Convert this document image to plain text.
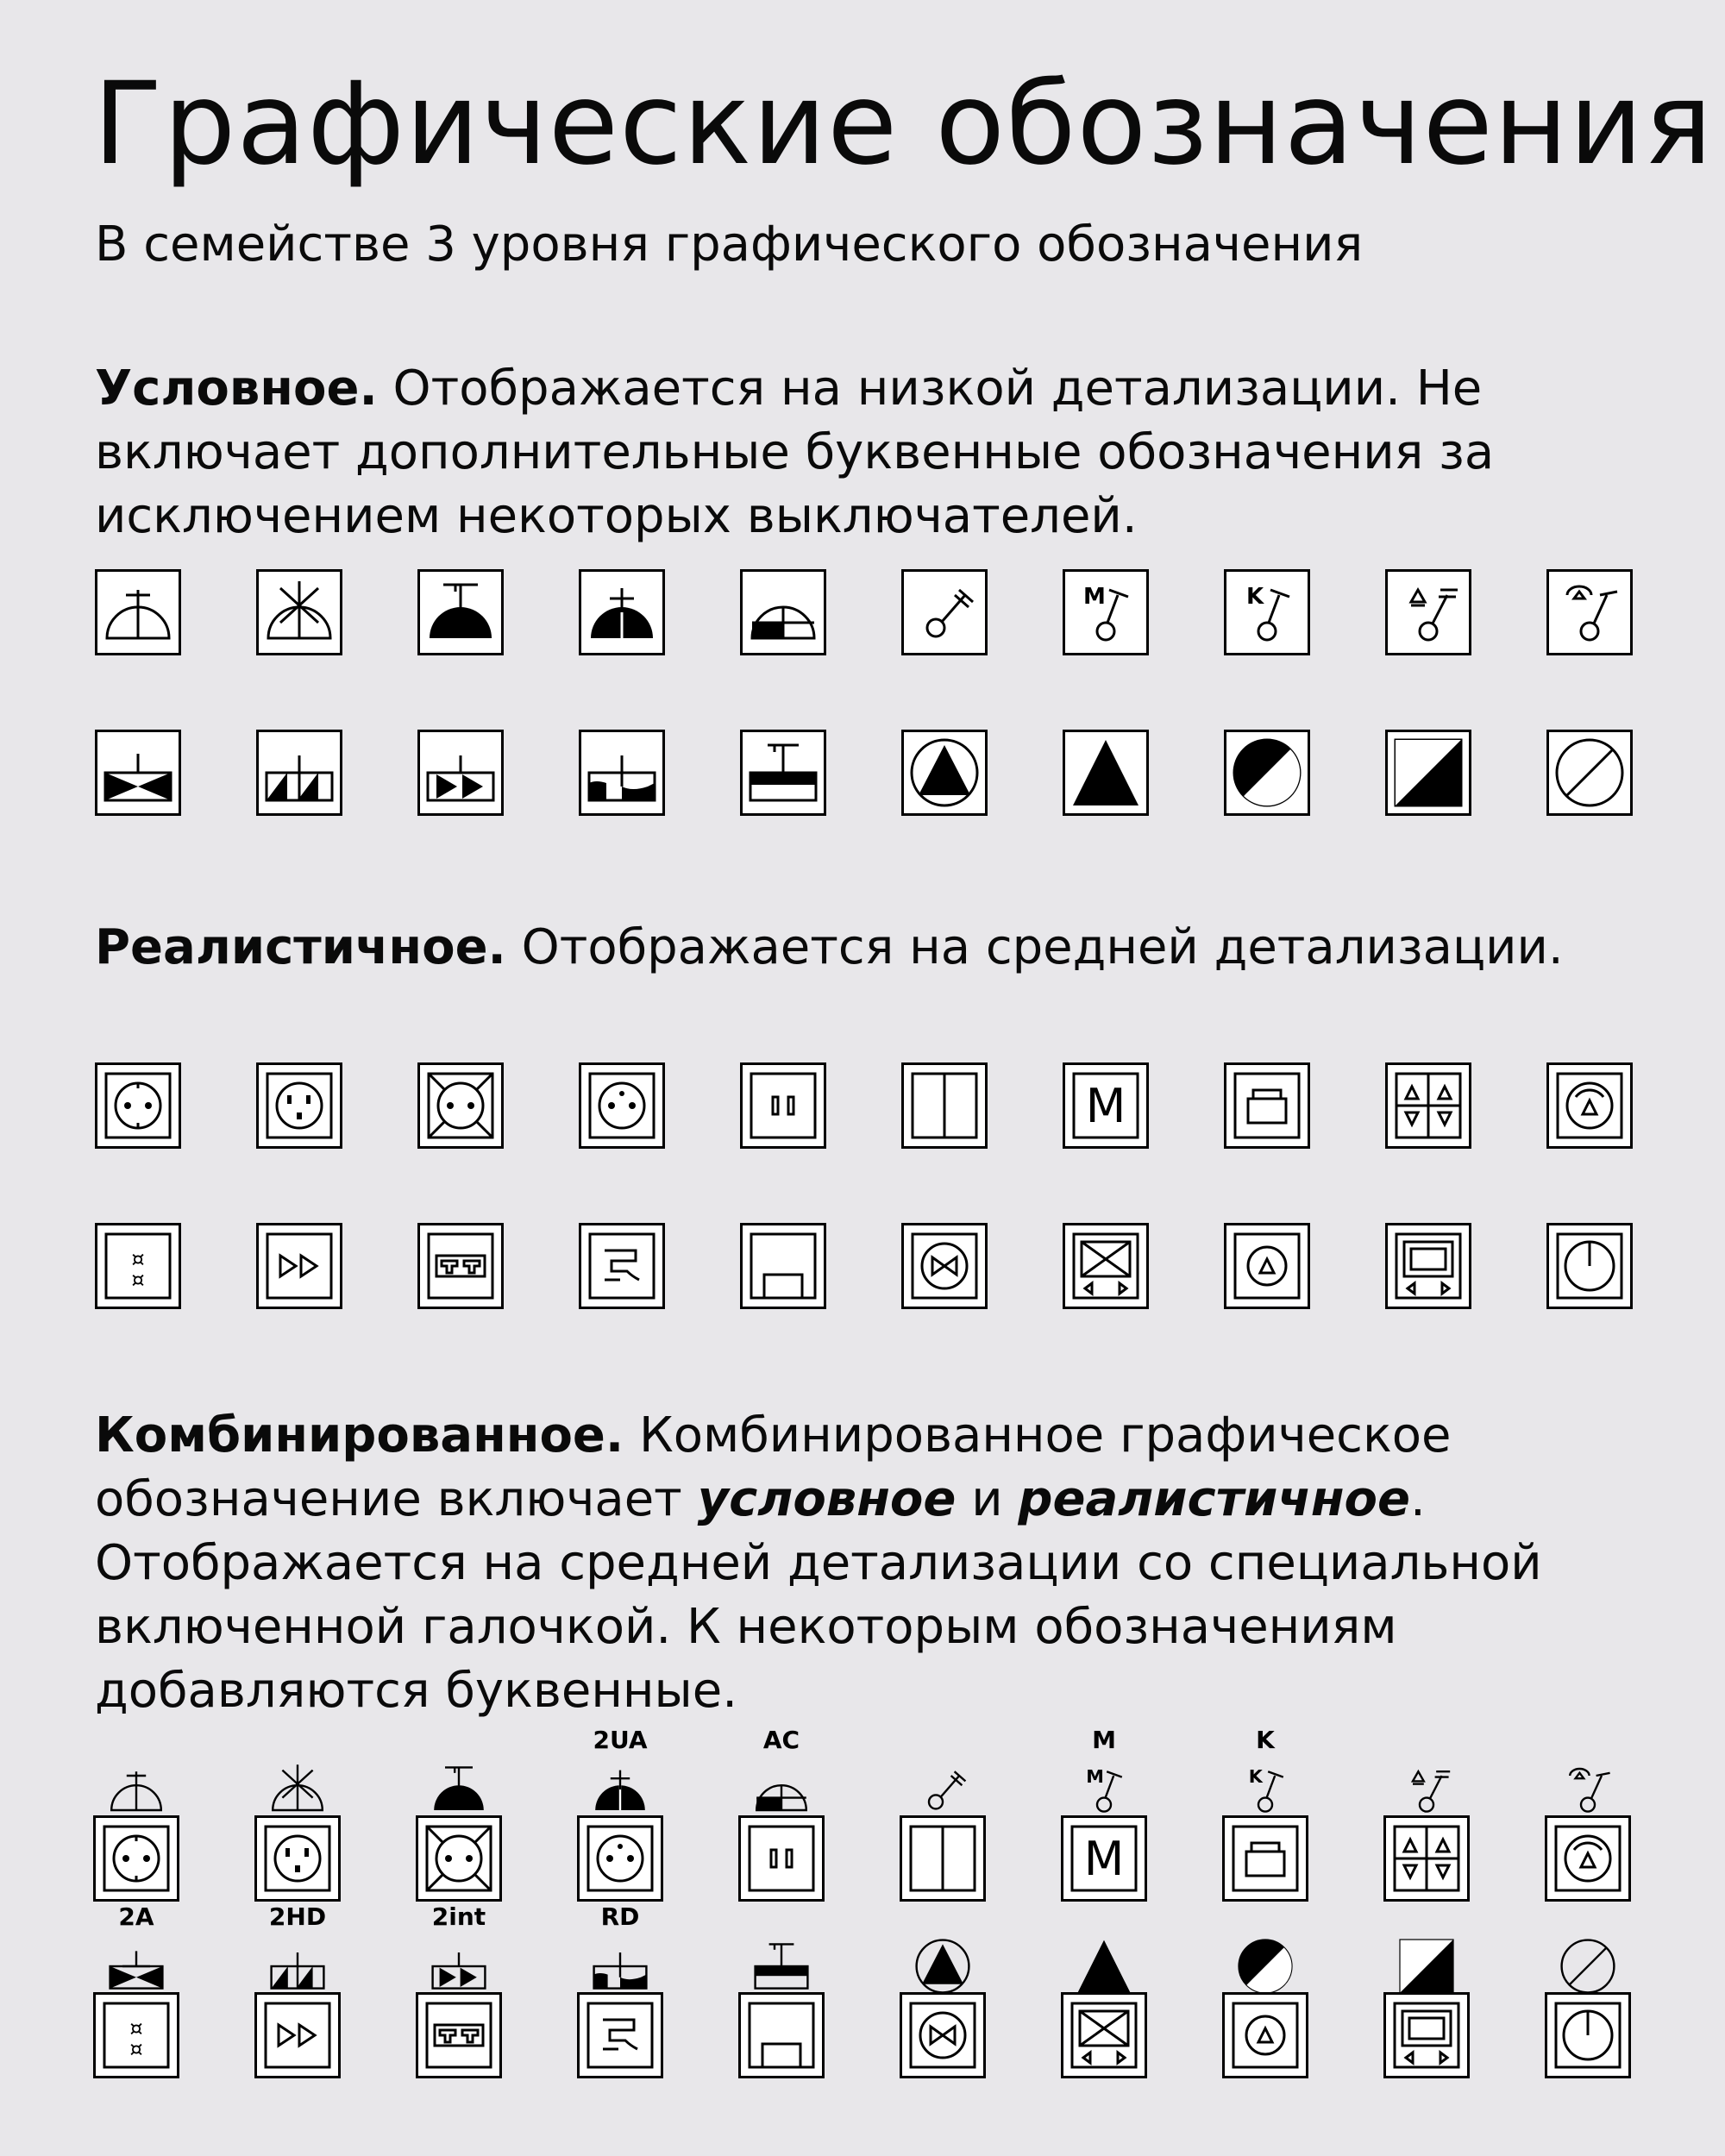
Графические обозначения

В семействе 3 уровня графического обозначения

Условное. Отображается на низкой детализации. Не включает дополнительные буквенные обозначения за исключением некоторых выключателей.

M	K

Реалистичное. Отображается на средней детализации.

M
¤
¤

Комбинированное. Комбинированное графическое обозначение включает условное и реалистичное. Отображается на средней детализации со специальной включенной галочкой. К некоторым обозначениям добавляются буквенные.

2UA	AC	M
M
M
K
K
2A
¤
¤
2HD	2int	RD
